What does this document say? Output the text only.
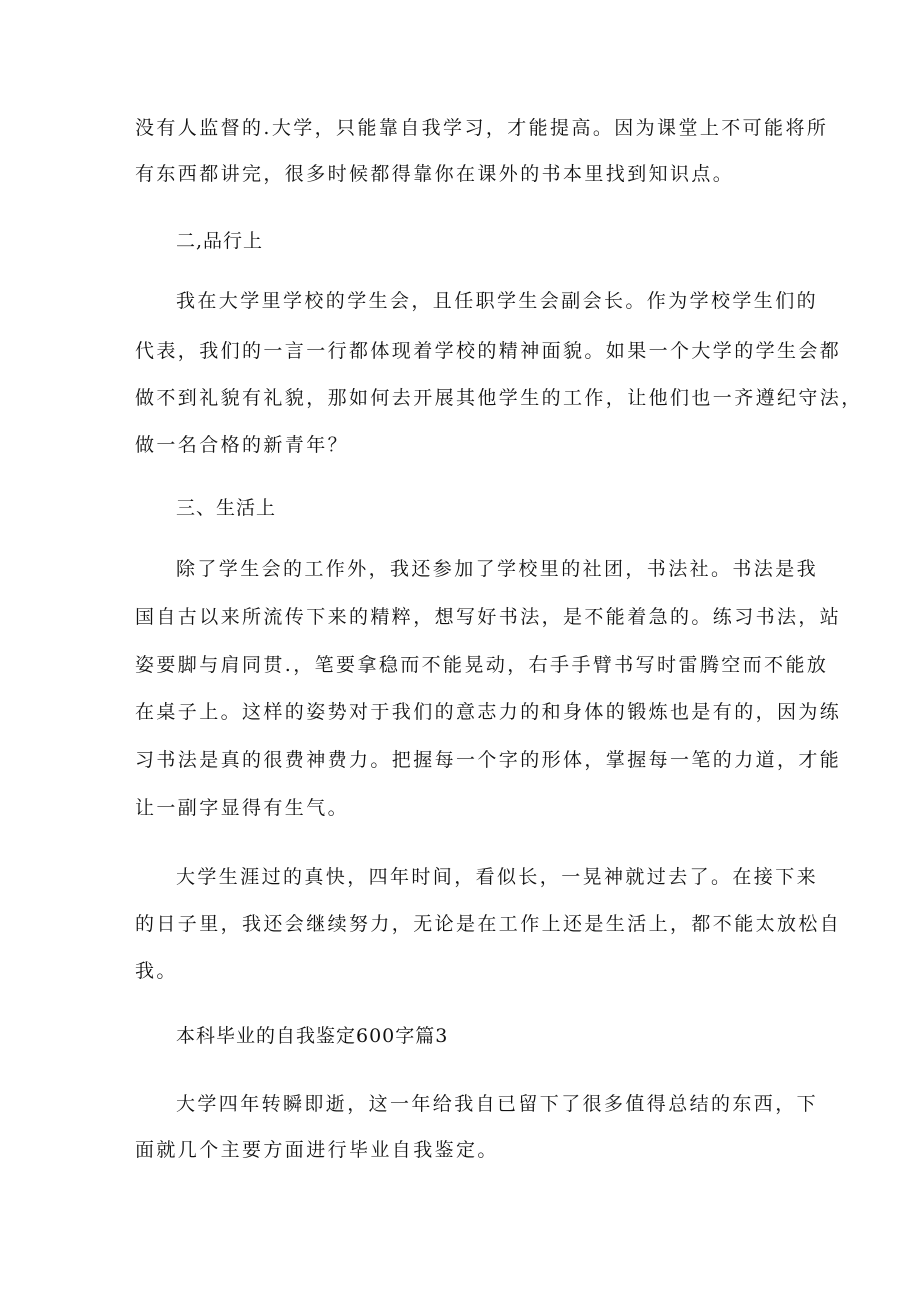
没有人监督的.大学，只能靠自我学习，才能提高。因为课堂上不可能将所
有东西都讲完，很多时候都得靠你在课外的书本里找到知识点。
二,品行上
我在大学里学校的学生会，且任职学生会副会长。作为学校学生们的
代表，我们的一言一行都体现着学校的精神面貌。如果一个大学的学生会都
做不到礼貌有礼貌，那如何去开展其他学生的工作，让他们也一齐遵纪守法，
做一名合格的新青年？
三、生活上
除了学生会的工作外，我还参加了学校里的社团，书法社。书法是我
国自古以来所流传下来的精粹，想写好书法，是不能着急的。练习书法，站
姿要脚与肩同贯.，笔要拿稳而不能晃动，右手手臂书写时雷腾空而不能放
在桌子上。这样的姿势对于我们的意志力的和身体的锻炼也是有的，因为练
习书法是真的很费神费力。把握每一个字的形体，掌握每一笔的力道，才能
让一副字显得有生气。
大学生涯过的真快，四年时间，看似长，一晃神就过去了。在接下来
的日子里，我还会继续努力，无论是在工作上还是生活上，都不能太放松自
我。
本科毕业的自我鉴定600字篇3
大学四年转瞬即逝，这一年给我自已留下了很多值得总结的东西，下
面就几个主要方面进行毕业自我鉴定。
